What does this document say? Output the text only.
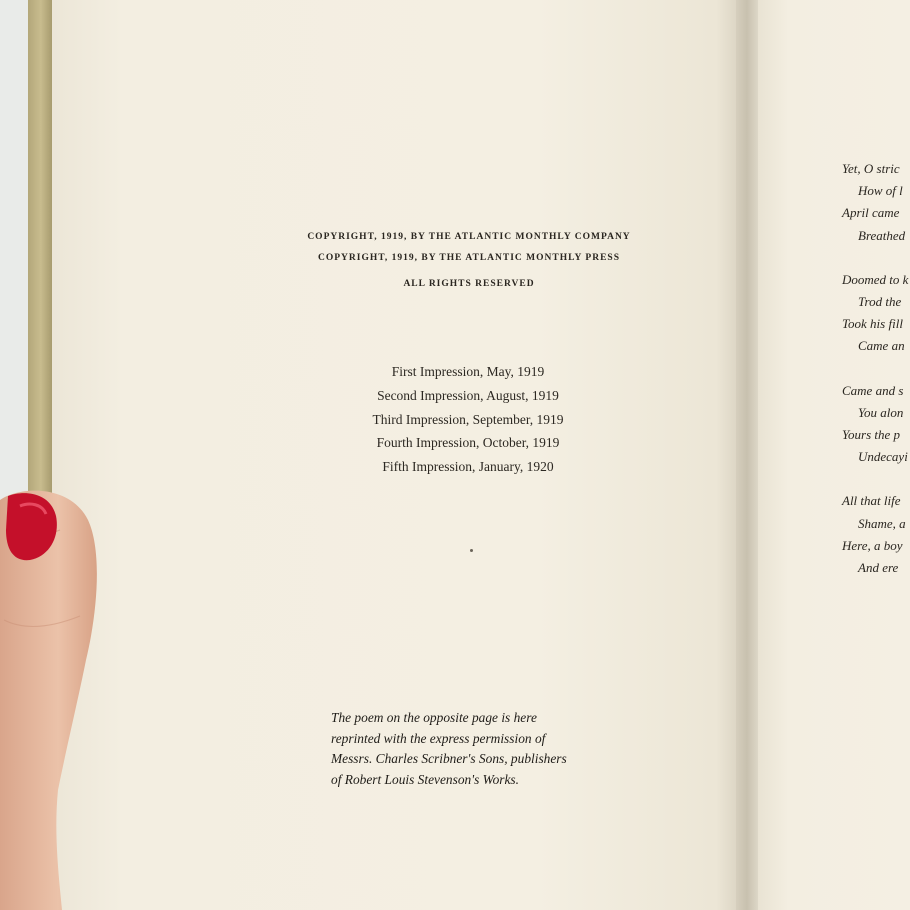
COPYRIGHT, 1919, BY THE ATLANTIC MONTHLY COMPANY
COPYRIGHT, 1919, BY THE ATLANTIC MONTHLY PRESS
ALL RIGHTS RESERVED
First Impression, May, 1919
Second Impression, August, 1919
Third Impression, September, 1919
Fourth Impression, October, 1919
Fifth Impression, January, 1920
The poem on the opposite page is here
reprinted with the express permission of
Messrs. Charles Scribner's Sons, publishers
of Robert Louis Stevenson's Works.
Yet, O stric
How of l
April came
Breathed
Doomed to k
Trod the
Took his fill
Came an
Came and s
You alon
Yours the p
Undecayi
All that life
Shame, a
Here, a boy
And ere
